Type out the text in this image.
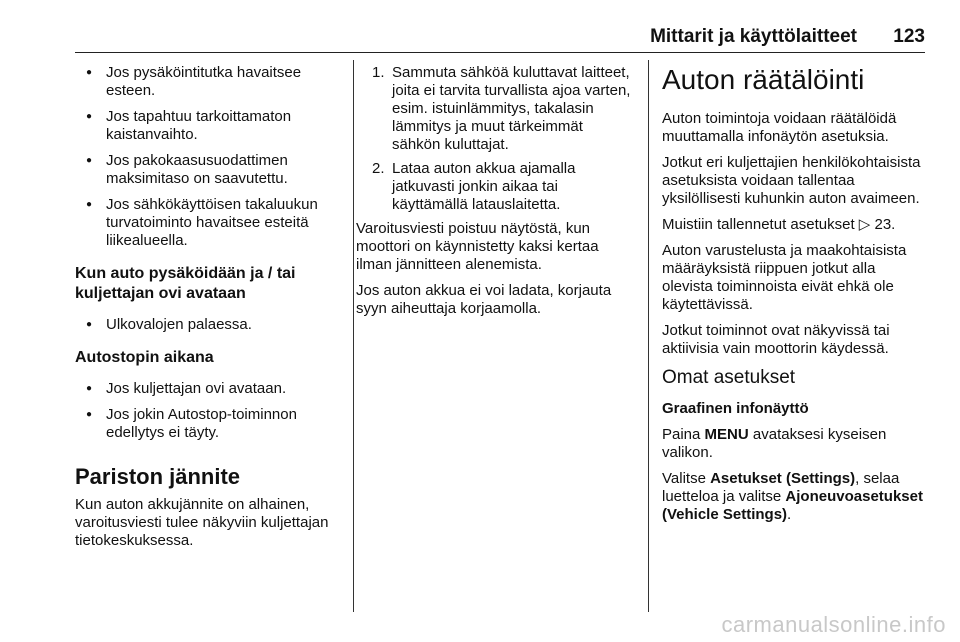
Mittarit ja käyttölaitteet 123
● Jos pysäköintitutka havaitsee esteen.
● Jos tapahtuu tarkoittamaton kaistanvaihto.
● Jos pakokaasusuodattimen maksimitaso on saavutettu.
● Jos sähkökäyttöisen takaluukun turvatoiminto havaitsee esteitä liikealueella.
Kun auto pysäköidään ja / tai kuljettajan ovi avataan
● Ulkovalojen palaessa.
Autostopin aikana
● Jos kuljettajan ovi avataan.
● Jos jokin Autostop-toiminnon edellytys ei täyty.
Pariston jännite

Kun auton akkujännite on alhainen, varoitusviesti tulee näkyviin kuljettajan tietokeskuksessa.

1. Sammuta sähköä kuluttavat laitteet, joita ei tarvita turvallista ajoa varten, esim. istuinlämmitys, takalasin lämmitys ja muut tärkeimmät sähkön kuluttajat.
2. Lataa auton akkua ajamalla jatkuvasti jonkin aikaa tai käyttämällä latauslaitetta.

Varoitusviesti poistuu näytöstä, kun moottori on käynnistetty kaksi kertaa ilman jännitteen alenemista.

Jos auton akkua ei voi ladata, korjauta syyn aiheuttaja korjaamolla.

Auton räätälöinti

Auton toimintoja voidaan räätälöidä muuttamalla infonäytön asetuksia.

Jotkut eri kuljettajien henkilökohtaisista asetuksista voidaan tallentaa yksilöllisesti kuhunkin auton avaimeen.

Muistiin tallennetut asetukset ▷ 23.

Auton varustelusta ja maakohtaisista määräyksistä riippuen jotkut alla olevista toiminnoista eivät ehkä ole käytettävissä.

Jotkut toiminnot ovat näkyvissä tai aktiivisia vain moottorin käydessä.

Omat asetukset
Graafinen infonäyttö

Paina MENU avataksesi kyseisen valikon.

Valitse Asetukset (Settings), selaa luetteloa ja valitse Ajoneuvoasetukset (Vehicle Settings).

carmanualsonline.info
